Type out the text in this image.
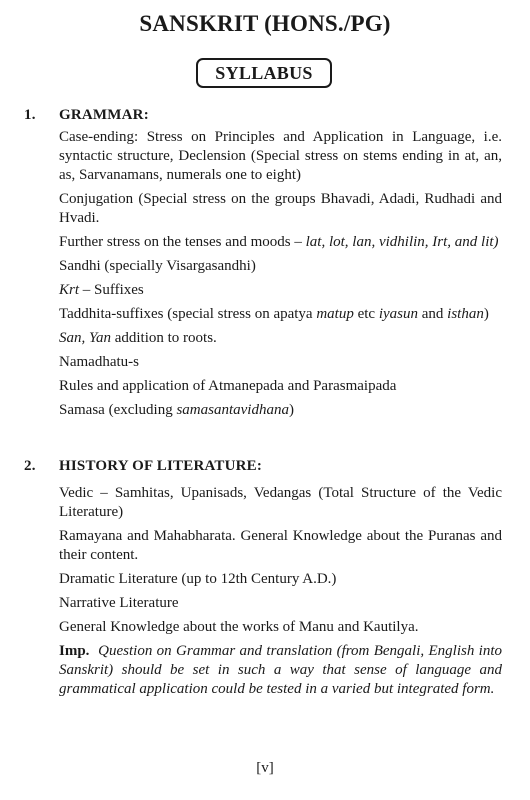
SANSKRIT (HONS./PG)
SYLLABUS
1. GRAMMAR:

Case-ending: Stress on Principles and Application in Language, i.e. syntactic structure, Declension (Special stress on stems ending in at, an, as, Sarvanamans, numerals one to eight)

Conjugation (Special stress on the groups Bhavadi, Adadi, Rudhadi and Hvadi.

Further stress on the tenses and moods – lat, lot, lan, vidhilin, Irt, and lit)

Sandhi (specially Visargasandhi)

Krt – Suffixes

Taddhita-suffixes (special stress on apatya matup etc iyasun and isthan)

San, Yan addition to roots.

Namadhatu-s

Rules and application of Atmanepada and Parasmaipada

Samasa (excluding samasantavidhana)

2. HISTORY OF LITERATURE:

Vedic – Samhitas, Upanisads, Vedangas (Total Structure of the Vedic Literature)

Ramayana and Mahabharata. General Knowledge about the Puranas and their content.

Dramatic Literature (up to 12th Century A.D.)

Narrative Literature

General Knowledge about the works of Manu and Kautilya.

Imp. Question on Grammar and translation (from Bengali, English into Sanskrit) should be set in such a way that sense of language and grammatical application could be tested in a varied but integrated form.
[v]
